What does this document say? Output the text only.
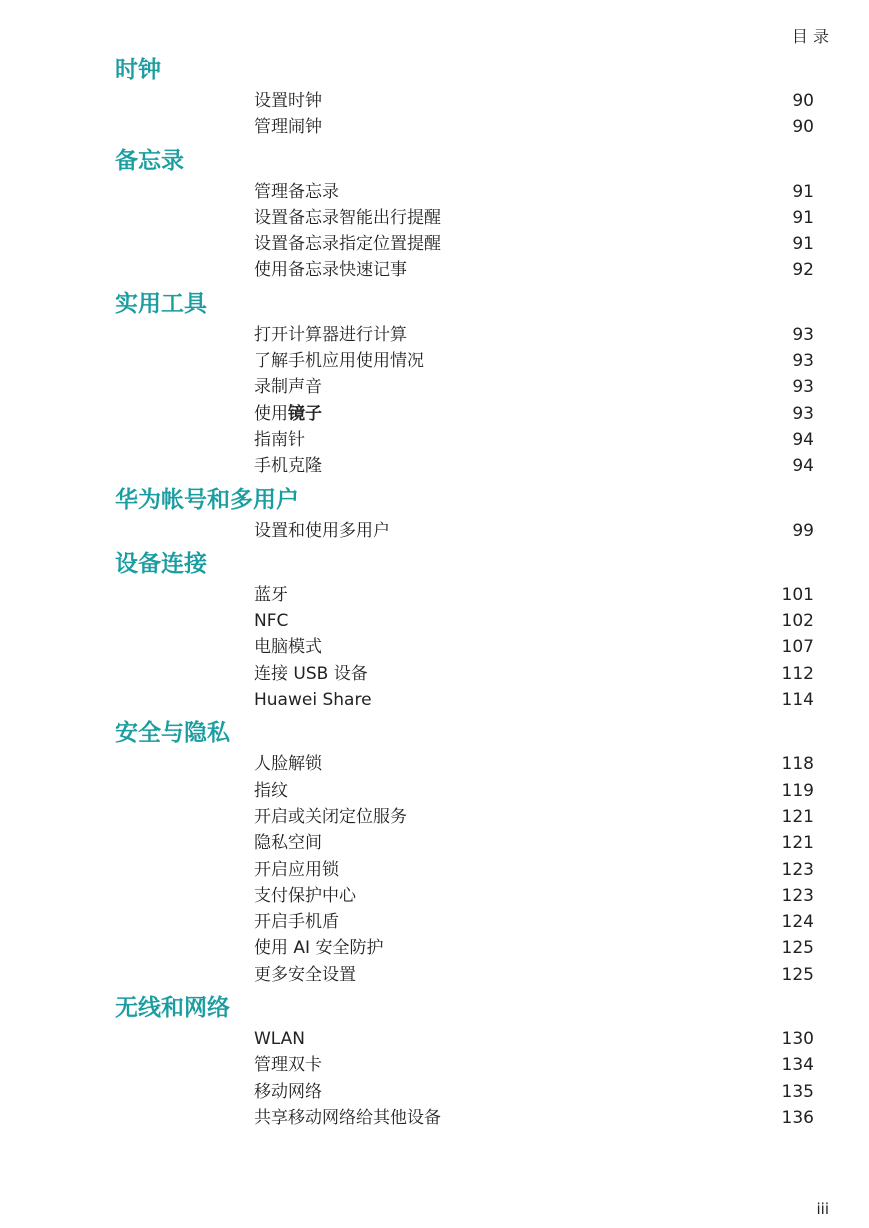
目 录
时钟
设置时钟	90
管理闹钟	90
备忘录
管理备忘录	91
设置备忘录智能出行提醒	91
设置备忘录指定位置提醒	91
使用备忘录快速记事	92
实用工具
打开计算器进行计算	93
了解手机应用使用情况	93
录制声音	93
使用镜子	93
指南针	94
手机克隆	94
华为帐号和多用户
设置和使用多用户	99
设备连接
蓝牙	101
NFC	102
电脑模式	107
连接 USB 设备	112
Huawei Share	114
安全与隐私
人脸解锁	118
指纹	119
开启或关闭定位服务	121
隐私空间	121
开启应用锁	123
支付保护中心	123
开启手机盾	124
使用 AI 安全防护	125
更多安全设置	125
无线和网络
WLAN	130
管理双卡	134
移动网络	135
共享移动网络给其他设备	136
iii
